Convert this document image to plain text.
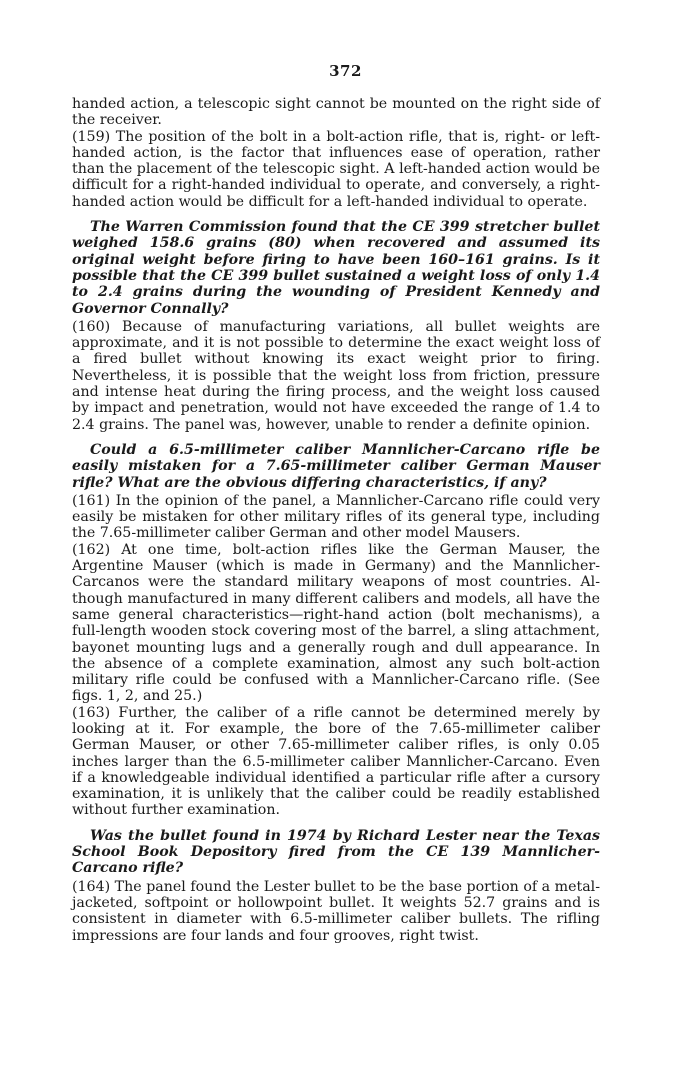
372

handed action, a telescopic sight cannot be mounted on the right side of the receiver.

(159) The position of the bolt in a bolt-action rifle, that is, right- or left-handed action, is the factor that influences ease of operation, rather than the placement of the telescopic sight. A left-handed action would be difficult for a right-handed individual to operate, and conversely, a right-handed action would be difficult for a left-handed individual to operate.

The Warren Commission found that the CE 399 stretcher bullet weighed 158.6 grains (80) when recovered and assumed its original weight before firing to have been 160–161 grains. Is it possible that the CE 399 bullet sustained a weight loss of only 1.4 to 2.4 grains during the wounding of President Kennedy and Governor Connally?

(160) Because of manufacturing variations, all bullet weights are approximate, and it is not possible to determine the exact weight loss of a fired bullet without knowing its exact weight prior to firing. Nevertheless, it is possible that the weight loss from friction, pressure and intense heat during the firing process, and the weight loss caused by impact and penetration, would not have exceeded the range of 1.4 to 2.4 grains. The panel was, however, unable to render a definite opinion.

Could a 6.5-millimeter caliber Mannlicher-Carcano rifle be easily mistaken for a 7.65-millimeter caliber German Mauser rifle? What are the obvious differing characteristics, if any?

(161) In the opinion of the panel, a Mannlicher-Carcano rifle could very easily be mistaken for other military rifles of its general type, including the 7.65-millimeter caliber German and other model Mausers.

(162) At one time, bolt-action rifles like the German Mauser, the Argentine Mauser (which is made in Germany) and the Mannlicher-Carcanos were the standard military weapons of most countries. Although manufactured in many different calibers and models, all have the same general characteristics—right-hand action (bolt mechanisms), a full-length wooden stock covering most of the barrel, a sling attachment, bayonet mounting lugs and a generally rough and dull appearance. In the absence of a complete examination, almost any such bolt-action military rifle could be confused with a Mannlicher-Carcano rifle. (See figs. 1, 2, and 25.)

(163) Further, the caliber of a rifle cannot be determined merely by looking at it. For example, the bore of the 7.65-millimeter caliber German Mauser, or other 7.65-millimeter caliber rifles, is only 0.05 inches larger than the 6.5-millimeter caliber Mannlicher-Carcano. Even if a knowledgeable individual identified a particular rifle after a cursory examination, it is unlikely that the caliber could be readily established without further examination.

Was the bullet found in 1974 by Richard Lester near the Texas School Book Depository fired from the CE 139 Mannlicher-Carcano rifle?

(164) The panel found the Lester bullet to be the base portion of a metal-jacketed, softpoint or hollowpoint bullet. It weights 52.7 grains and is consistent in diameter with 6.5-millimeter caliber bullets. The rifling impressions are four lands and four grooves, right twist.
